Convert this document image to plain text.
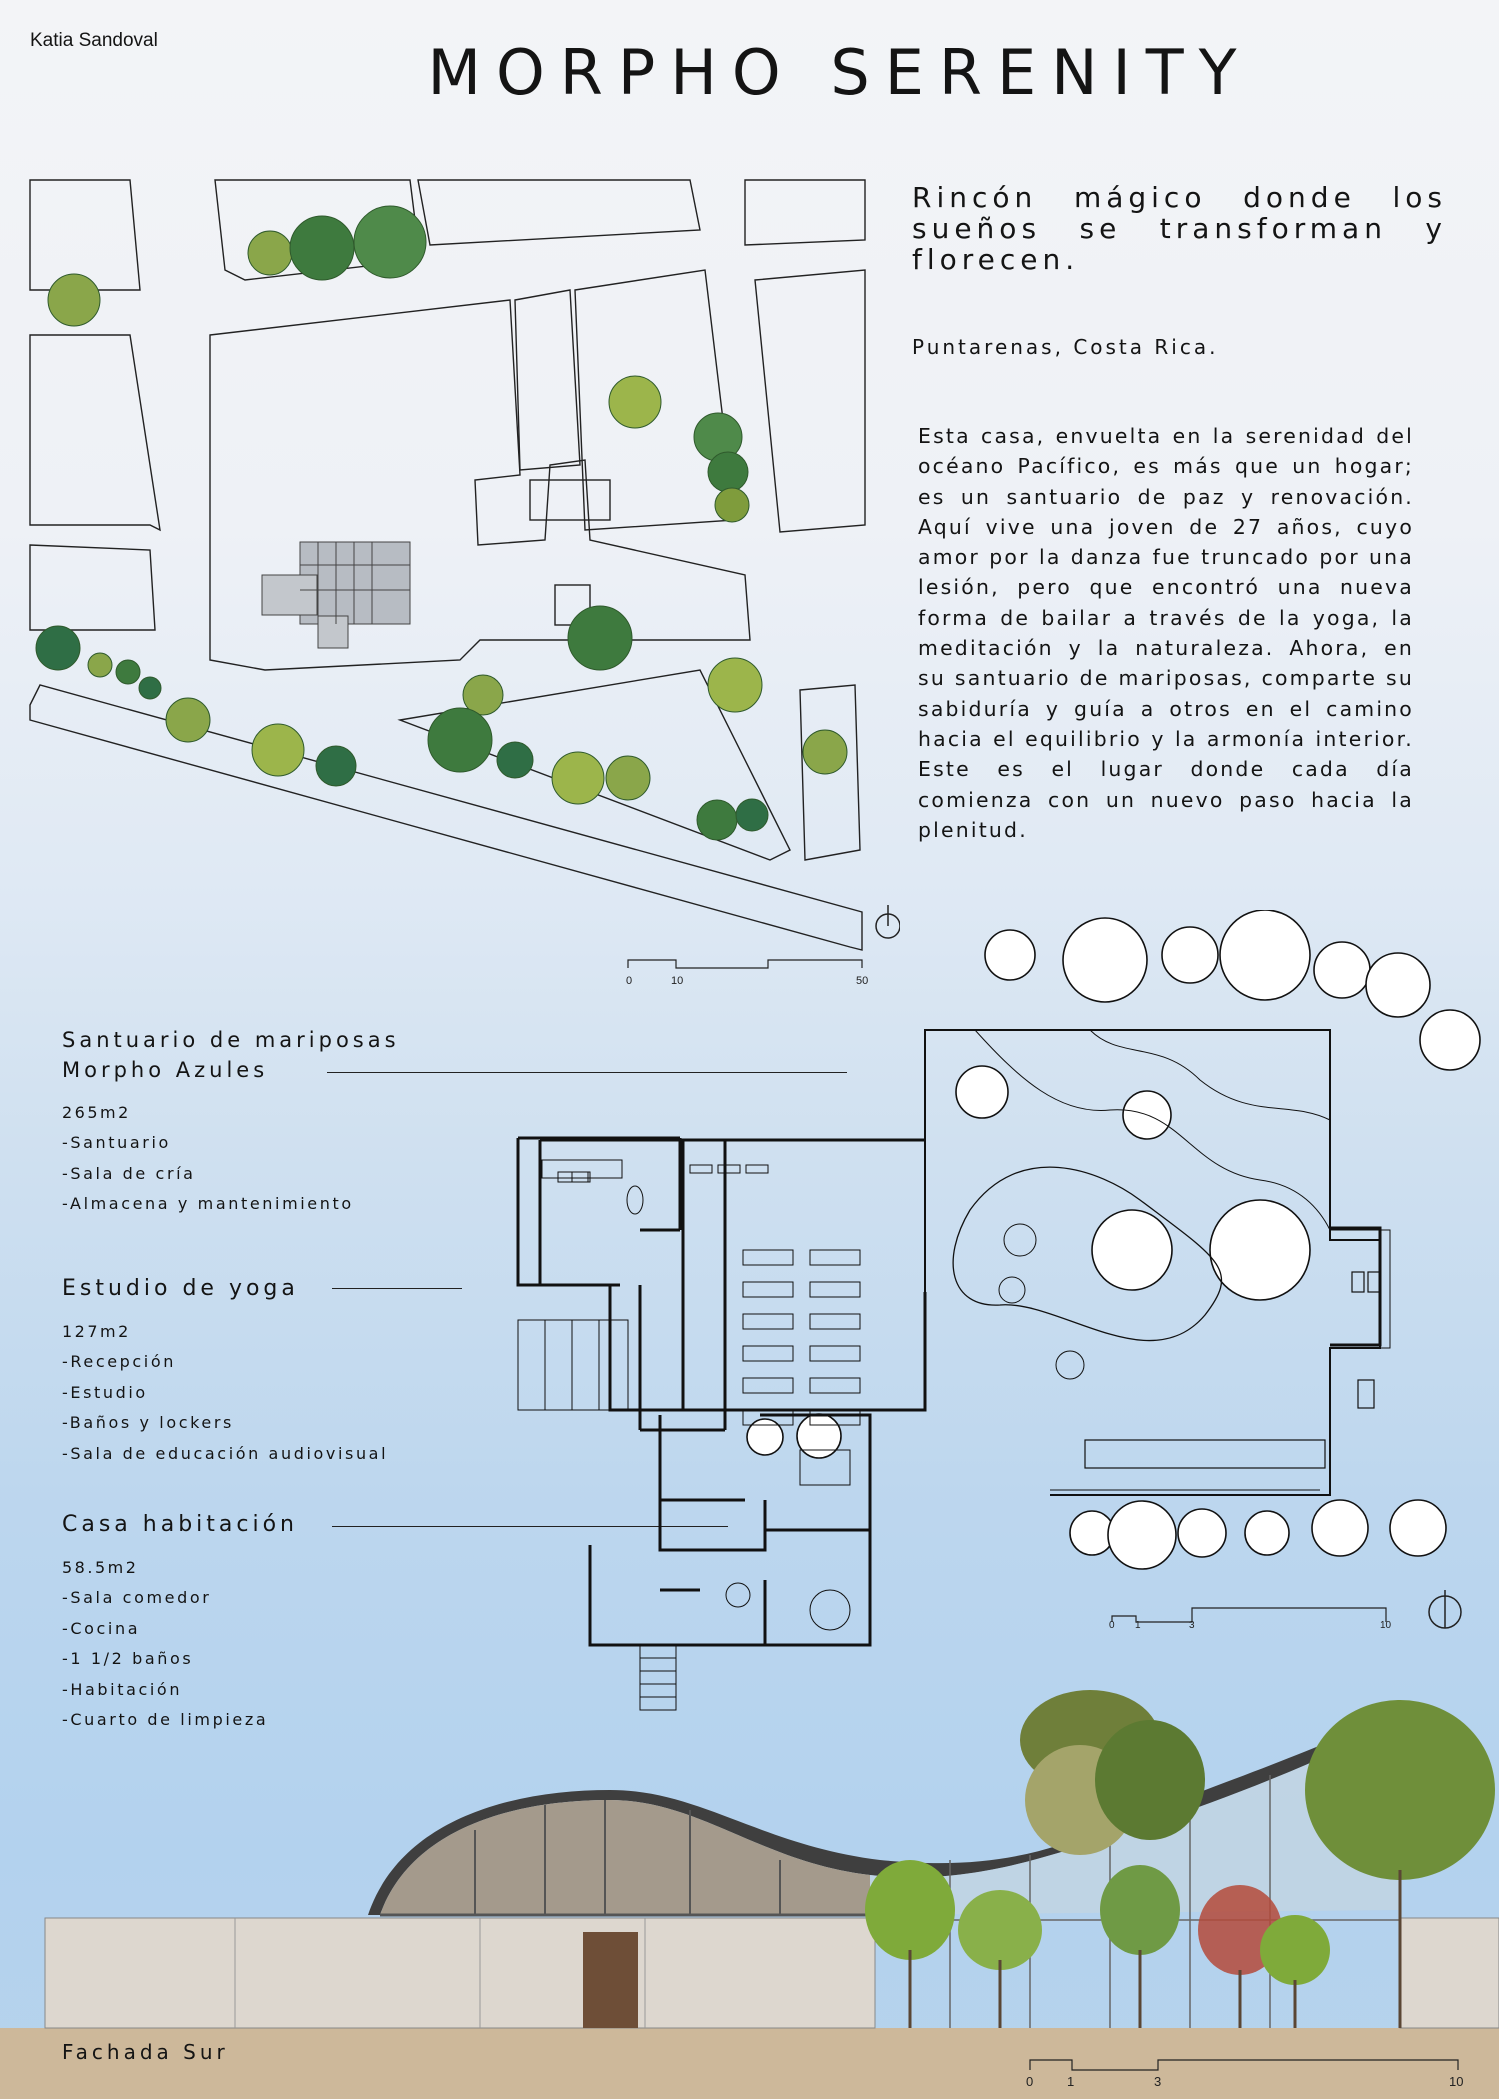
Katia Sandoval	MORPHO SERENITY
Rincón mágico donde los sueños se transforman y florecen.
Puntarenas, Costa Rica.
Esta casa, envuelta en la serenidad del océano Pacífico, es más que un hogar; es un santuario de paz y renovación. Aquí vive una joven de 27 años, cuyo amor por la danza fue truncado por una lesión, pero que encontró una nueva forma de bailar a través de la yoga, la meditación y la naturaleza. Ahora, en su santuario de mariposas, comparte su sabiduría y guía a otros en el camino hacia el equilibrio y la armonía interior. Este es el lugar donde cada día comienza con un nuevo paso hacia la plenitud.
0	10	50
Santuario de mariposas
Morpho Azules
265m2
-Santuario
-Sala de cría
-Almacena y mantenimiento
Estudio de yoga
127m2
-Recepción
-Estudio
-Baños y lockers
-Sala de educación audiovisual
Casa habitación
58.5m2
-Sala comedor
-Cocina
-1 1/2 baños
-Habitación
-Cuarto de limpieza
0 1	3	10
0	1	3	10
Fachada Sur
